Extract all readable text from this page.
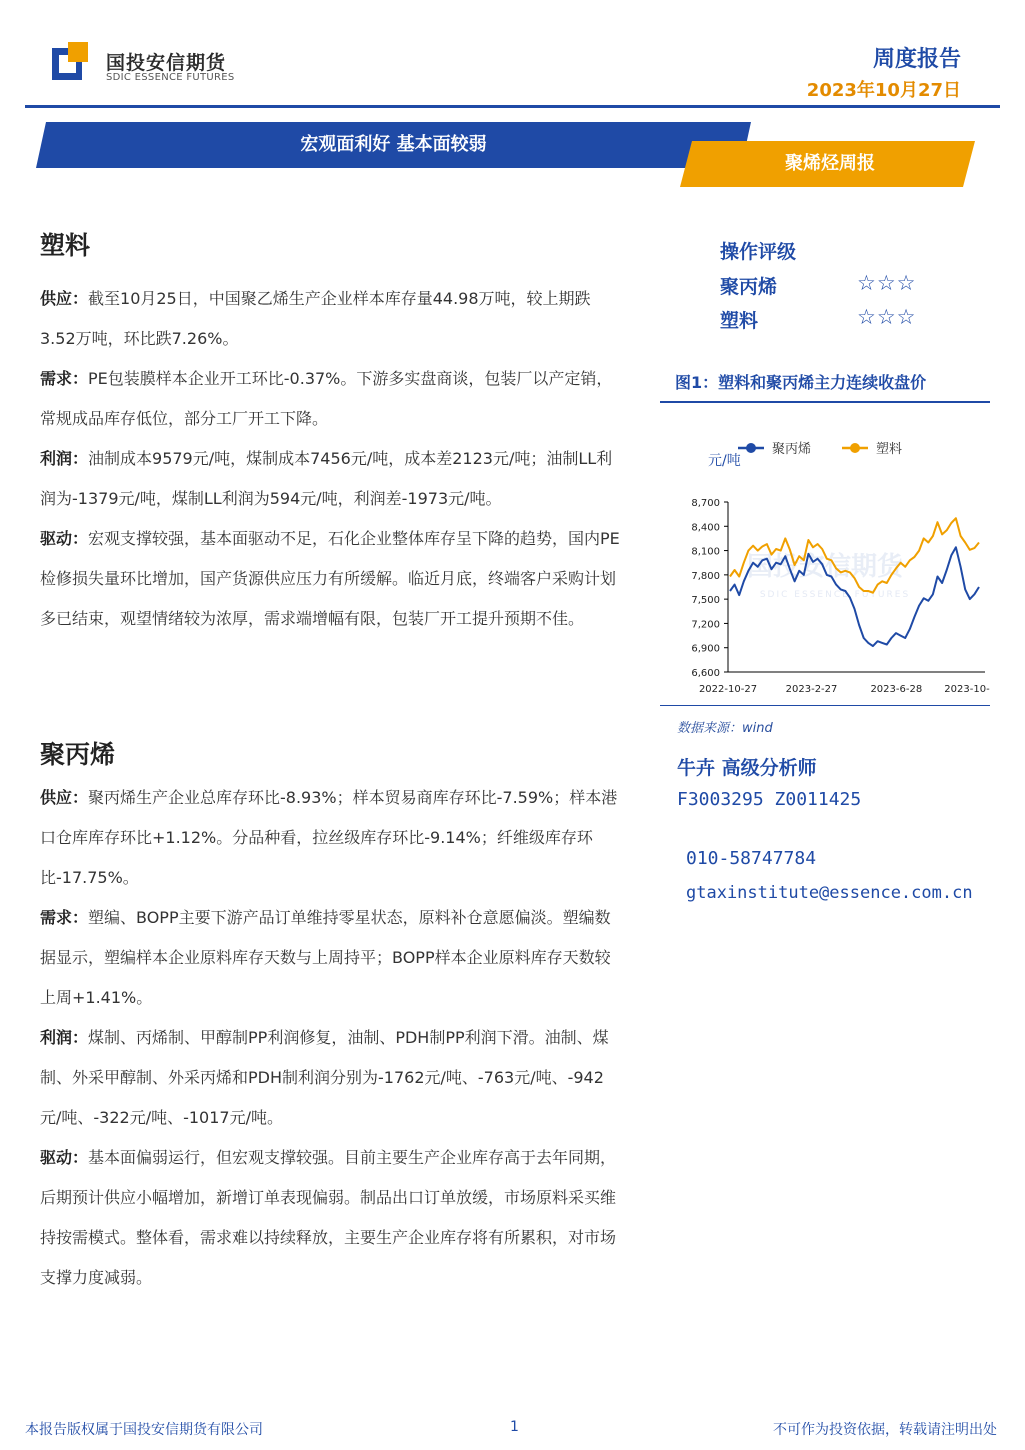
国投安信期货
SDIC ESSENCE FUTURES
周度报告
2023年10月27日
宏观面利好 基本面较弱
聚烯烃周报
塑料
供应：截至10月25日，中国聚乙烯生产企业样本库存量44.98万吨，较上期跌3.52万吨，环比跌7.26%。
需求：PE包装膜样本企业开工环比-0.37%。下游多实盘商谈，包装厂以产定销，常规成品库存低位，部分工厂开工下降。
利润：油制成本9579元/吨，煤制成本7456元/吨，成本差2123元/吨；油制LL利润为-1379元/吨，煤制LL利润为594元/吨，利润差-1973元/吨。
驱动：宏观支撑较强，基本面驱动不足，石化企业整体库存呈下降的趋势，国内PE检修损失量环比增加，国产货源供应压力有所缓解。临近月底，终端客户采购计划多已结束，观望情绪较为浓厚，需求端增幅有限，包装厂开工提升预期不佳。
聚丙烯
供应：聚丙烯生产企业总库存环比-8.93%；样本贸易商库存环比-7.59%；样本港口仓库库存环比+1.12%。分品种看，拉丝级库存环比-9.14%；纤维级库存环比-17.75%。
需求：塑编、BOPP主要下游产品订单维持零星状态，原料补仓意愿偏淡。塑编数据显示，塑编样本企业原料库存天数与上周持平；BOPP样本企业原料库存天数较上周+1.41%。
利润：煤制、丙烯制、甲醇制PP利润修复，油制、PDH制PP利润下滑。油制、煤制、外采甲醇制、外采丙烯和PDH制利润分别为-1762元/吨、-763元/吨、-942元/吨、-322元/吨、-1017元/吨。
驱动：基本面偏弱运行，但宏观支撑较强。目前主要生产企业库存高于去年同期，后期预计供应小幅增加，新增订单表现偏弱。制品出口订单放缓，市场原料采买维持按需模式。整体看，需求难以持续释放，主要生产企业库存将有所累积，对市场支撑力度减弱。
操作评级
聚丙烯	☆☆☆
塑料	☆☆☆
图1：塑料和聚丙烯主力连续收盘价
国投安信期货
SDIC ESSENCE FUTURES
元/吨
聚丙烯	塑料
8,700
8,400
8,100
7,800
7,500
7,200
6,900
6,600
2022-10-27	2023-2-27	2023-6-28 2023-10-
数据来源：wind
牛卉 高级分析师
F3003295 Z0011425
010-58747784
gtaxinstitute@essence.com.cn
本报告版权属于国投安信期货有限公司	1	不可作为投资依据，转载请注明出处
